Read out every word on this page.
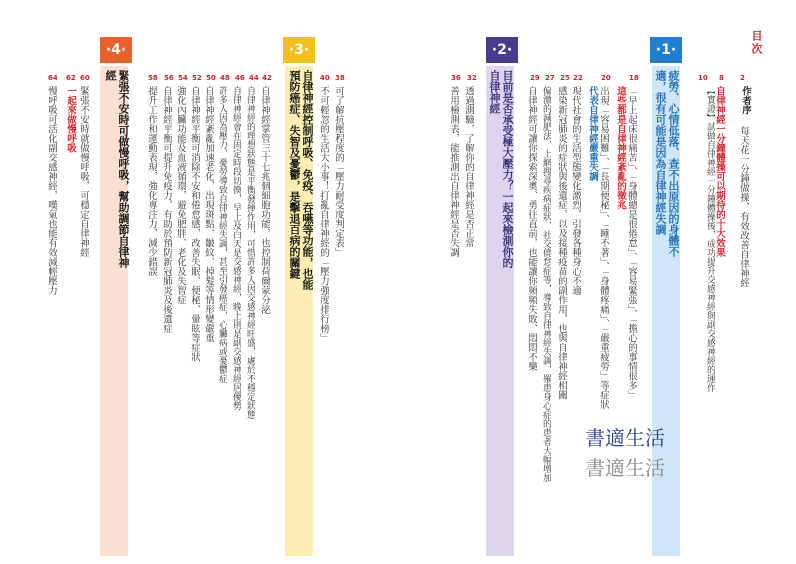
目次
2
作者序
每天花一分鐘做操，有效改善自律神經
8
自律神經一分鐘體操可以期待的十大效果
10
【實證】試做自律神經一分鐘體操後，成功提升交感神經與副交感神經的運作
· 1 ·
疲勞、心情低落、查不出原因的身體不適，很有可能是因為自律神經失調
18
「早上起床很痛苦」、「身體總是很倦怠」、「容易緊張」、「擔心的事情很多」
這些都是自律神經紊亂的徵兆
20
出現「容易困難」、「長期便秘」、「睡不著」、「身體疼痛」、「嚴重疲勞」等症狀
代表自律神經嚴重失調
22
現代社會的生活型態變化激烈，引發各種身心不適
25
感染新冠肺炎的症狀與後遺症，以及接種疫苗的副作用，也與自律神經相關
27
偏激的減肥法、上網搜尋疾病症狀、社交僥怠症等，導致自律神經失調，罹患身心症的患者大幅增加
29
自律神經可讓你探索深奧、勇往直前，也能讓你頻頻失敗、悶悶不樂
書適生活
書適生活
· 2 ·
目前是否承受極大壓力？一起來檢測你的自律神經
32
透過測驗，了解你的自律神經是否正常
36
善用檢測表，能推測出自律神經是否失調
· 3 ·
自律神經控制呼吸、免疫、吞嚥等功能，也能預防癌症、失智及憂鬱，是擊退百病的關鍵	38
可了解抗壓程度的「壓力耐受度判定表」
40
不可輕忽的生活大小事！打亂自律神經的「壓力強度排行榜」
42
自律神經掌管三十七兆個細胞功能，也控制荷爾蒙分泌
44
自律神經的理想狀態是平衡發揮作用，可惜許多人因交感神經旺盛，處於不穩定狀態
46
自律神經會在固定時段切換，早上及白天是交感神經，晚上則是副交感神經居優勢
48
許多人因為壓力、憂勞導致自律神經失調，甚至引發癌症、心臟病或憂鬱症
50
自律神經紊亂加速老化，出現斑點、皺紋、掉髮等情形變嚴重
52
自律神經平衡可消除不安和倦怠感，改善失眠、便秘、暈眩等症狀
54
強化內臟功能及血液循環，避免肥胖、老化及失智症
56
自律神經平衡可提升免疫力，有助於預防新冠肺炎及後遺症
58
提升工作和運動表現，強化專注力，減少錯誤
· 4 ·
緊張不安時可做慢呼吸，幫助調節自律神經
60
緊張不安時就做慢呼吸，可穩定自律神經
62
一起來做慢呼吸
64
慢呼吸可活化副交感神經，嘆氣也能有效減輕壓力
